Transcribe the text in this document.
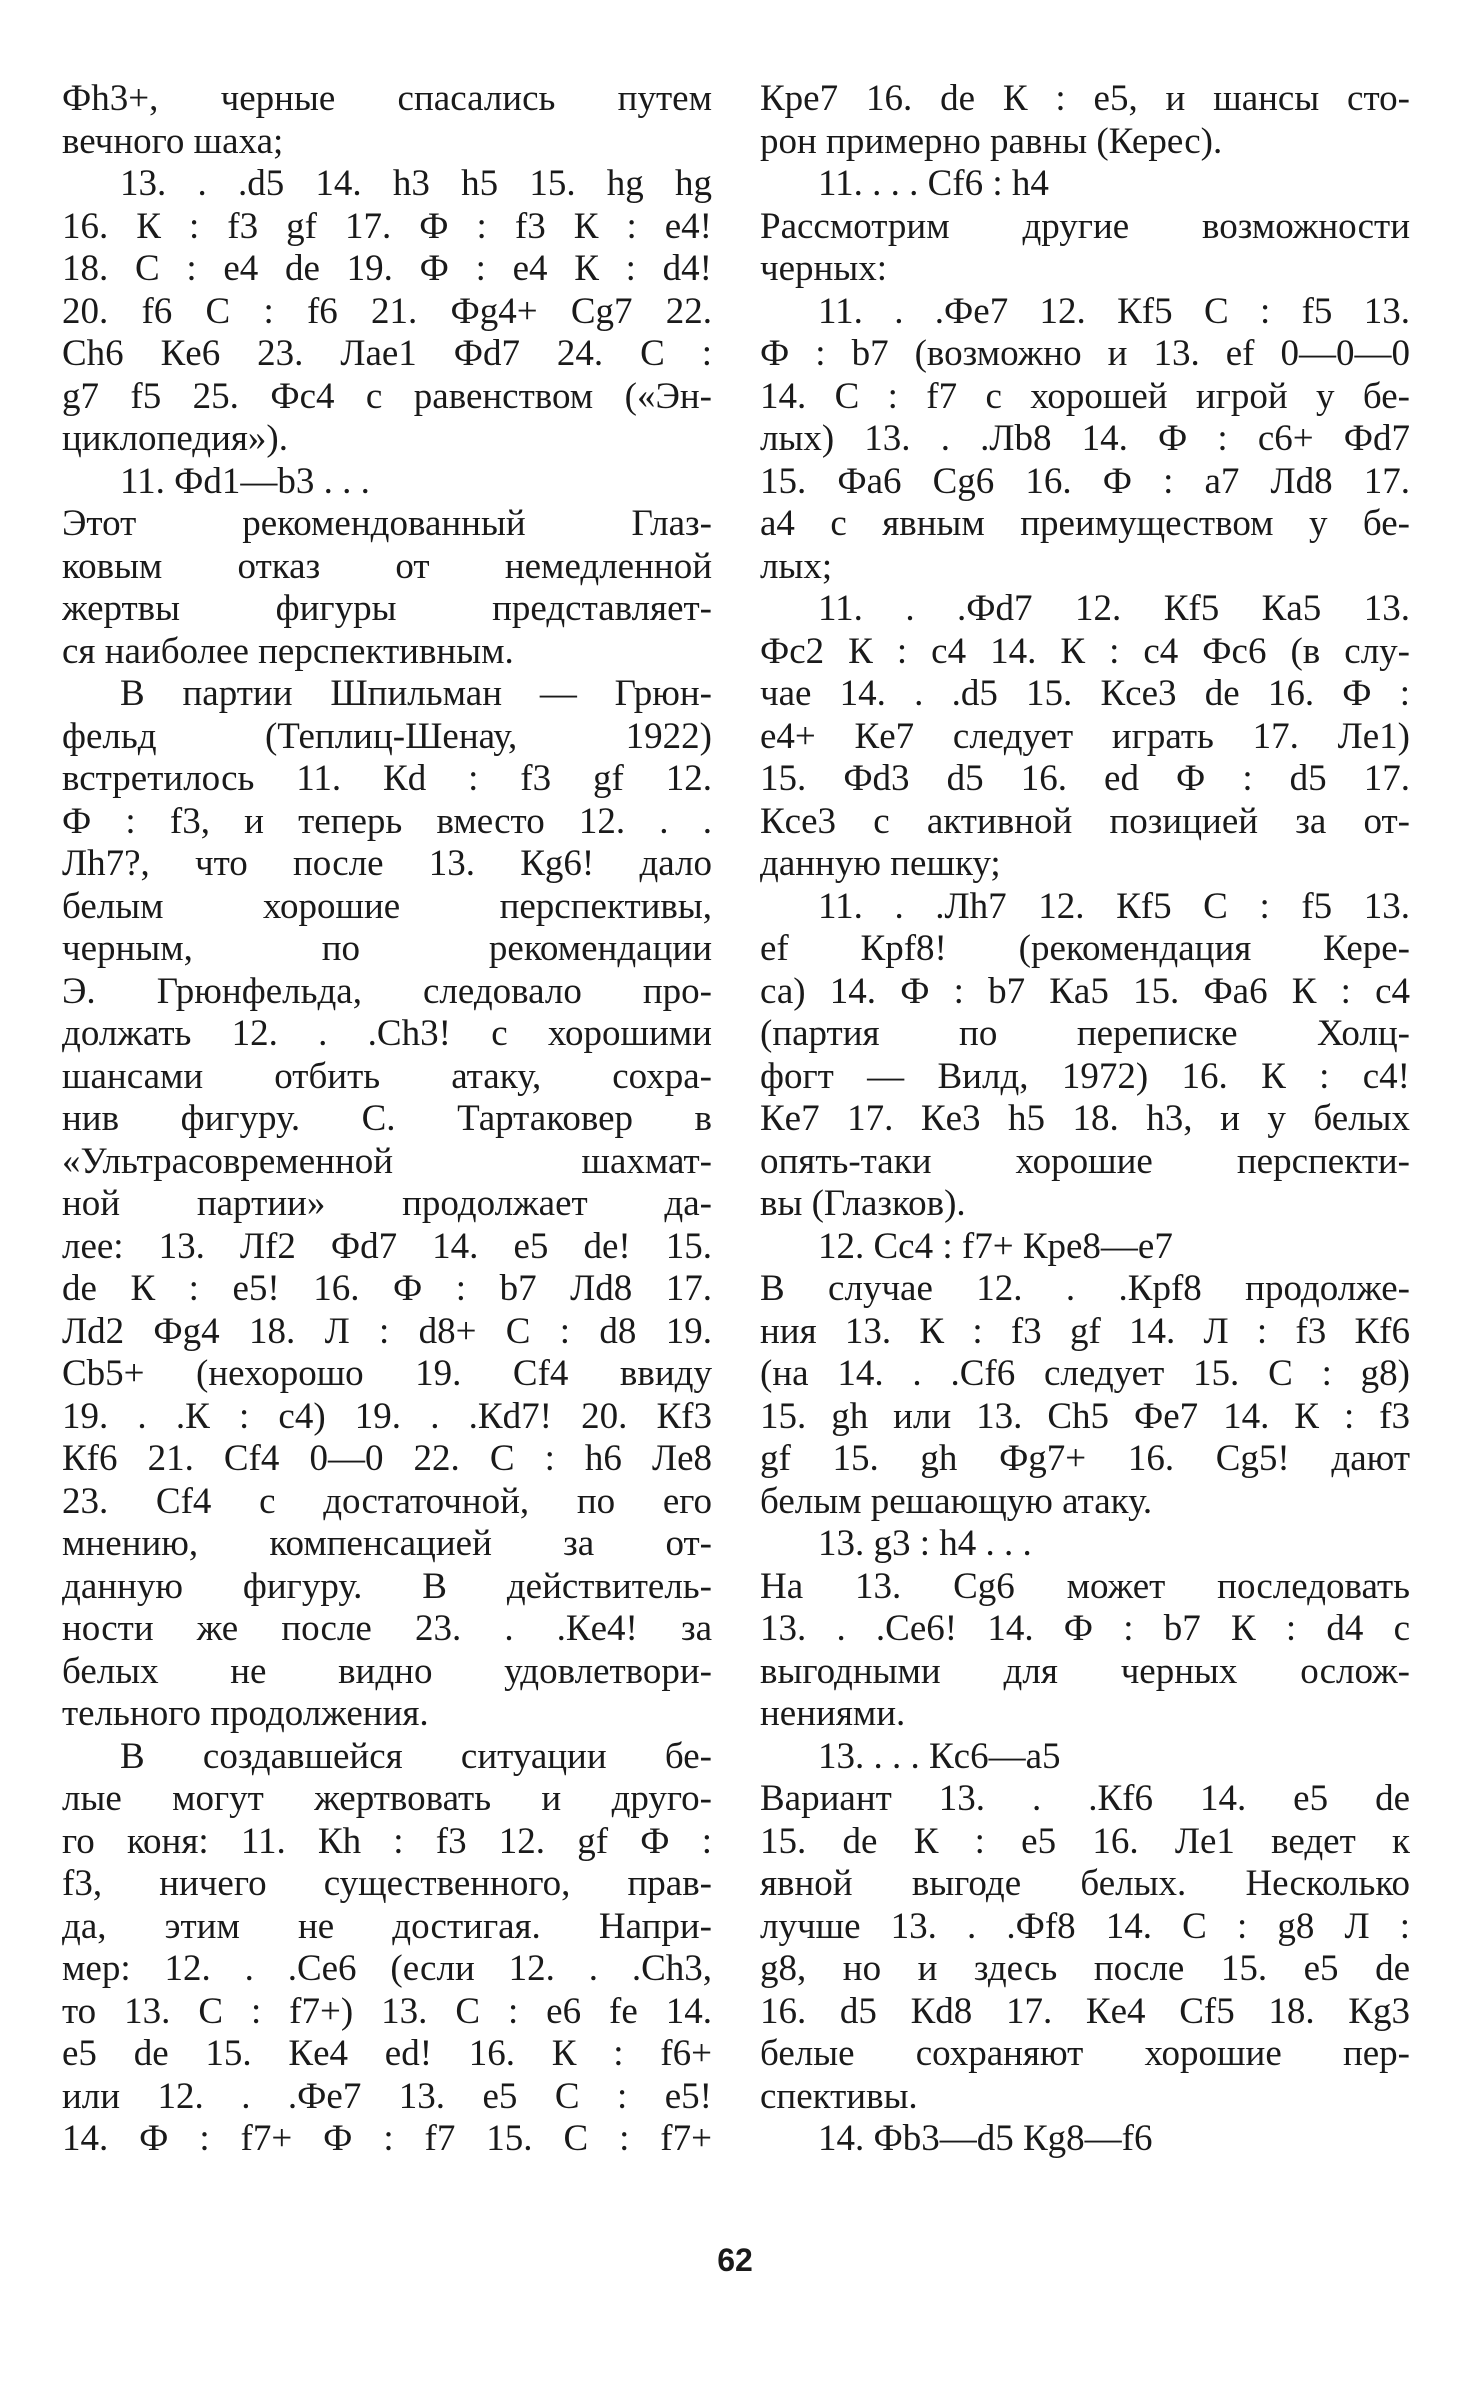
Фh3+, черные спасались путем
вечного шаха;
13. . .d5 14. h3 h5 15. hg hg
16. К : f3 gf 17. Ф : f3 К : e4!
18. С : e4 de 19. Ф : e4 К : d4!
20. f6 С : f6 21. Фg4+ Сg7 22.
Сh6 Кe6 23. Лae1 Фd7 24. С :
g7 f5 25. Фc4 с равенством («Эн-
циклопедия»).
11. Фd1—b3 . . .
Этот рекомендованный Глаз-
ковым отказ от немедленной
жертвы фигуры представляет-
ся наиболее перспективным.
В партии Шпильман — Грюн-
фельд (Теплиц-Шенау, 1922)
встретилось 11. Кd : f3 gf 12.
Ф : f3, и теперь вместо 12. . .
Лh7?, что после 13. Кg6! дало
белым хорошие перспективы,
черным, по рекомендации
Э. Грюнфельда, следовало про-
должать 12. . .Сh3! с хорошими
шансами отбить атаку, сохра-
нив фигуру. С. Тартаковер в
«Ультрасовременной шахмат-
ной партии» продолжает да-
лее: 13. Лf2 Фd7 14. e5 de! 15.
de К : e5! 16. Ф : b7 Лd8 17.
Лd2 Фg4 18. Л : d8+ С : d8 19.
Сb5+ (нехорошо 19. Сf4 ввиду
19. . .К : c4) 19. . .Кd7! 20. Кf3
Кf6 21. Сf4 0—0 22. С : h6 Лe8
23. Сf4 с достаточной, по его
мнению, компенсацией за от-
данную фигуру. В действитель-
ности же после 23. . .Кe4! за
белых не видно удовлетвори-
тельного продолжения.
В создавшейся ситуации бе-
лые могут жертвовать и друго-
го коня: 11. Кh : f3 12. gf Ф :
f3, ничего существенного, прав-
да, этим не достигая. Напри-
мер: 12. . .Сe6 (если 12. . .Сh3,
то 13. С : f7+) 13. С : e6 fe 14.
e5 de 15. Кe4 ed! 16. К : f6+
или 12. . .Фe7 13. e5 С : e5!
14. Ф : f7+ Ф : f7 15. С : f7+
Крe7 16. de К : e5, и шансы сто-
рон примерно равны (Керес).
11. . . . Сf6 : h4
Рассмотрим другие возможности
черных:
11. . .Фe7 12. Кf5 С : f5 13.
Ф : b7 (возможно и 13. ef 0—0—0
14. С : f7 с хорошей игрой у бе-
лых) 13. . .Лb8 14. Ф : c6+ Фd7
15. Фa6 Сg6 16. Ф : a7 Лd8 17.
a4 с явным преимуществом у бе-
лых;
11. . .Фd7 12. Кf5 Кa5 13.
Фc2 К : c4 14. К : c4 Фc6 (в слу-
чае 14. . .d5 15. Кce3 de 16. Ф :
e4+ Кe7 следует играть 17. Лe1)
15. Фd3 d5 16. ed Ф : d5 17.
Кce3 с активной позицией за от-
данную пешку;
11. . .Лh7 12. Кf5 С : f5 13.
ef Крf8! (рекомендация Кере-
са) 14. Ф : b7 Кa5 15. Фa6 К : c4
(партия по переписке Холц-
фогт — Вилд, 1972) 16. К : c4!
Кe7 17. Кe3 h5 18. h3, и у белых
опять-таки хорошие перспекти-
вы (Глазков).
12. Сc4 : f7+ Крe8—e7
В случае 12. . .Крf8 продолже-
ния 13. К : f3 gf 14. Л : f3 Кf6
(на 14. . .Сf6 следует 15. С : g8)
15. gh или 13. Сh5 Фe7 14. К : f3
gf 15. gh Фg7+ 16. Сg5! дают
белым решающую атаку.
13. g3 : h4 . . .
На 13. Сg6 может последовать
13. . .Сe6! 14. Ф : b7 К : d4 с
выгодными для черных ослож-
нениями.
13. . . . Кc6—a5
Вариант 13. . .Кf6 14. e5 de
15. de К : e5 16. Лe1 ведет к
явной выгоде белых. Несколько
лучше 13. . .Фf8 14. С : g8 Л :
g8, но и здесь после 15. e5 de
16. d5 Кd8 17. Кe4 Сf5 18. Кg3
белые сохраняют хорошие пер-
спективы.
14. Фb3—d5 Кg8—f6
62
